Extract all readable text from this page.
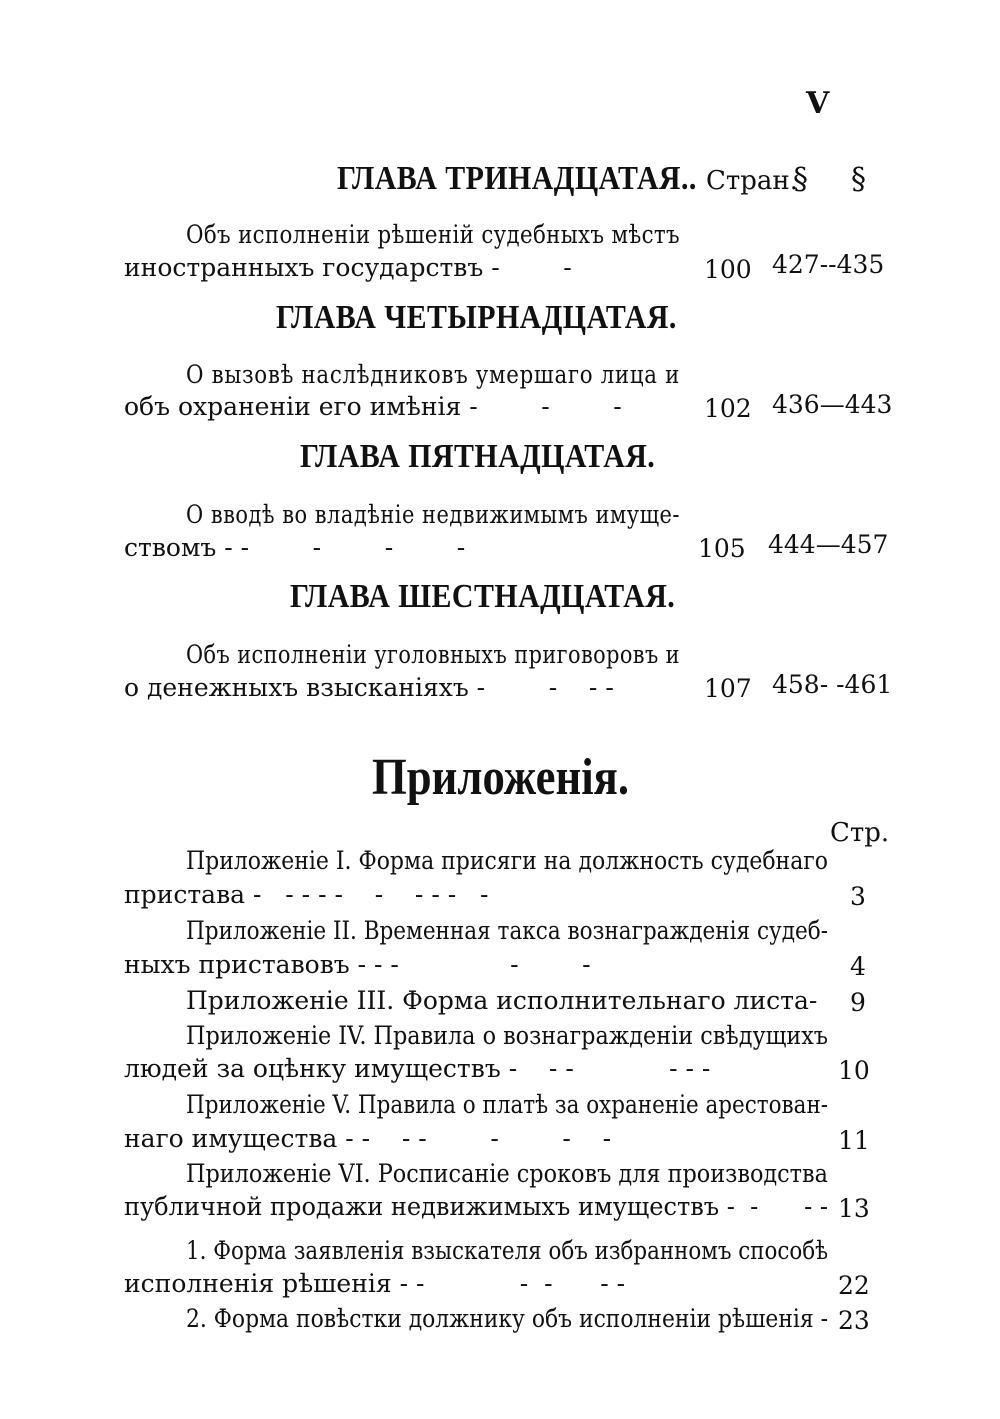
V
ГЛАВА ТРИНАДЦАТАЯ.. Стран.
§ §
Объ исполненіи рѣшеній судебныхъ мѣстъ
иностранныхъ государствъ -        -	100 427--435
ГЛАВА ЧЕТЫРНАДЦАТАЯ.
О вызовѣ наслѣдниковъ умершаго лица и
объ охраненіи его имѣнія -        -        -	102 436—443
ГЛАВА ПЯТНАДЦАТАЯ.
О вводѣ во владѣніе недвижимымъ имуще-
ствомъ - -        -        -        -	105 444—457
ГЛАВА ШЕСТНАДЦАТАЯ.
Объ исполненіи уголовныхъ приговоровъ и
о денежныхъ взысканіяхъ -        -    - -	107 458- -461
Приложенія.
Стр.
Приложеніе I. Форма присяги на должность судебнаго
пристава -   - - - -    -    - - -   -	3
Приложеніе II. Временная такса вознагражденія судеб-
ныхъ приставовъ - - -              -        -	4
Приложеніе III. Форма исполнительнаго листа- 9
Приложеніе IV. Правила о вознагражденіи свѣдущихъ
людей за оцѣнку имуществъ -    - -            - - -	10
Приложеніе V. Правила о платѣ за охраненіе арестован-
наго имущества - -    - -        -        -    -	11
Приложеніе VI. Росписаніе сроковъ для производства
публичной продажи недвижимыхъ имуществъ -  -      - - 13
1. Форма заявленія взыскателя объ избранномъ способѣ
исполненія рѣшенія - -            -  -      - -	22
2. Форма повѣстки должнику объ исполненіи рѣшенія - 23
